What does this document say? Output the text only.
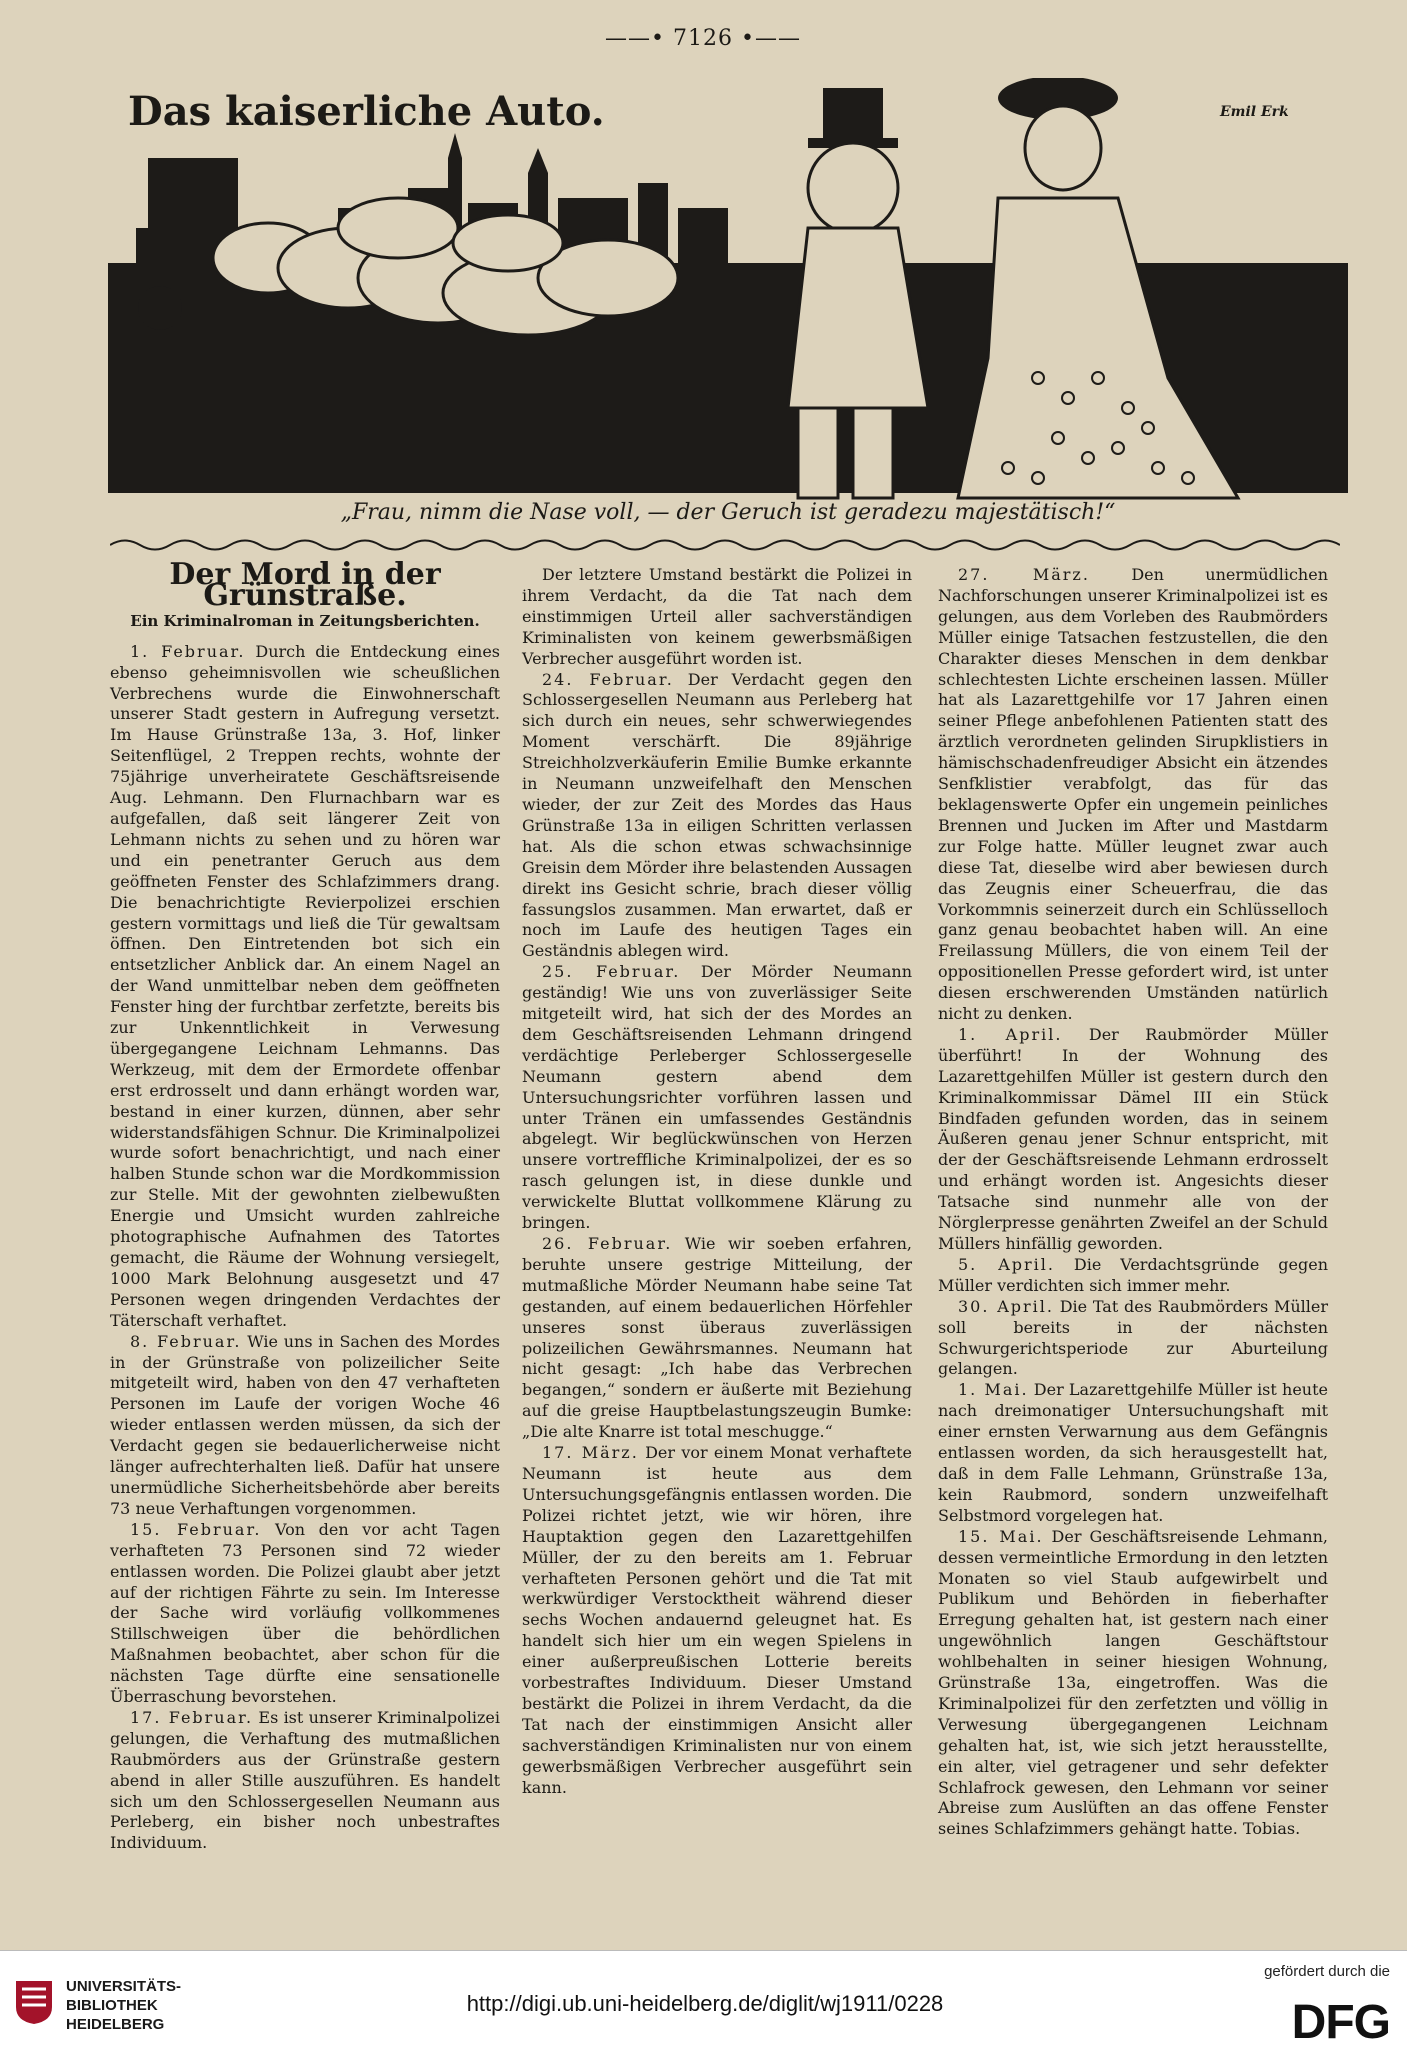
——• 7126 •——
Das kaiserliche Auto.	Emil Erk
„Frau, nimm die Nase voll, — der Geruch ist geradezu majestätisch!“
Der Mord in der Grünstraße.
Ein Kriminalroman in Zeitungsberichten.

1. Februar. Durch die Entdeckung eines ebenso geheimnisvollen wie scheußlichen Verbrechens wurde die Einwohnerschaft unserer Stadt gestern in Aufregung versetzt. Im Hause Grünstraße 13a, 3. Hof, linker Seitenflügel, 2 Treppen rechts, wohnte der 75jährige unverheiratete Geschäftsreisende Aug. Lehmann. Den Flurnachbarn war es aufgefallen, daß seit längerer Zeit von Lehmann nichts zu sehen und zu hören war und ein penetranter Geruch aus dem geöffneten Fenster des Schlafzimmers drang. Die benachrichtigte Revierpolizei erschien gestern vormittags und ließ die Tür gewaltsam öffnen. Den Eintretenden bot sich ein entsetzlicher Anblick dar. An einem Nagel an der Wand unmittelbar neben dem geöffneten Fenster hing der furchtbar zerfetzte, bereits bis zur Unkenntlichkeit in Verwesung übergegangene Leichnam Lehmanns. Das Werkzeug, mit dem der Ermordete offenbar erst erdrosselt und dann erhängt worden war, bestand in einer kurzen, dünnen, aber sehr widerstandsfähigen Schnur. Die Kriminalpolizei wurde sofort benachrichtigt, und nach einer halben Stunde schon war die Mordkommission zur Stelle. Mit der gewohnten zielbewußten Energie und Umsicht wurden zahlreiche photographische Aufnahmen des Tatortes gemacht, die Räume der Wohnung versiegelt, 1000 Mark Belohnung ausgesetzt und 47 Personen wegen dringenden Verdachtes der Täterschaft verhaftet.

8. Februar. Wie uns in Sachen des Mordes in der Grünstraße von polizeilicher Seite mitgeteilt wird, haben von den 47 verhafteten Personen im Laufe der vorigen Woche 46 wieder entlassen werden müssen, da sich der Verdacht gegen sie bedauerlicherweise nicht länger aufrechterhalten ließ. Dafür hat unsere unermüdliche Sicherheitsbehörde aber bereits 73 neue Verhaftungen vorgenommen.

15. Februar. Von den vor acht Tagen verhafteten 73 Personen sind 72 wieder entlassen worden. Die Polizei glaubt aber jetzt auf der richtigen Fährte zu sein. Im Interesse der Sache wird vorläufig vollkommenes Stillschweigen über die behördlichen Maßnahmen beobachtet, aber schon für die nächsten Tage dürfte eine sensationelle Überraschung bevorstehen.

17. Februar. Es ist unserer Kriminalpolizei gelungen, die Verhaftung des mutmaßlichen Raubmörders aus der Grünstraße gestern abend in aller Stille auszuführen. Es handelt sich um den Schlossergesellen Neumann aus Perleberg, ein bisher noch unbestraftes Individuum.

Der letztere Umstand bestärkt die Polizei in ihrem Verdacht, da die Tat nach dem einstimmigen Urteil aller sachverständigen Kriminalisten von keinem gewerbsmäßigen Verbrecher ausgeführt worden ist.

24. Februar. Der Verdacht gegen den Schlossergesellen Neumann aus Perleberg hat sich durch ein neues, sehr schwerwiegendes Moment verschärft. Die 89jährige Streichholzverkäuferin Emilie Bumke erkannte in Neumann unzweifelhaft den Menschen wieder, der zur Zeit des Mordes das Haus Grünstraße 13a in eiligen Schritten verlassen hat. Als die schon etwas schwachsinnige Greisin dem Mörder ihre belastenden Aussagen direkt ins Gesicht schrie, brach dieser völlig fassungslos zusammen. Man erwartet, daß er noch im Laufe des heutigen Tages ein Geständnis ablegen wird.

25. Februar. Der Mörder Neumann geständig! Wie uns von zuverlässiger Seite mitgeteilt wird, hat sich der des Mordes an dem Geschäftsreisenden Lehmann dringend verdächtige Perleberger Schlossergeselle Neumann gestern abend dem Untersuchungsrichter vorführen lassen und unter Tränen ein umfassendes Geständnis abgelegt. Wir beglückwünschen von Herzen unsere vortreffliche Kriminalpolizei, der es so rasch gelungen ist, in diese dunkle und verwickelte Bluttat vollkommene Klärung zu bringen.

26. Februar. Wie wir soeben erfahren, beruhte unsere gestrige Mitteilung, der mutmaßliche Mörder Neumann habe seine Tat gestanden, auf einem bedauerlichen Hörfehler unseres sonst überaus zuverlässigen polizeilichen Gewährsmannes. Neumann hat nicht gesagt: „Ich habe das Verbrechen begangen,“ sondern er äußerte mit Beziehung auf die greise Hauptbelastungszeugin Bumke: „Die alte Knarre ist total meschugge.“

17. März. Der vor einem Monat verhaftete Neumann ist heute aus dem Untersuchungsgefängnis entlassen worden. Die Polizei richtet jetzt, wie wir hören, ihre Hauptaktion gegen den Lazarettgehilfen Müller, der zu den bereits am 1. Februar verhafteten Personen gehört und die Tat mit werkwürdiger Verstocktheit während dieser sechs Wochen andauernd geleugnet hat. Es handelt sich hier um ein wegen Spielens in einer außerpreußischen Lotterie bereits vorbestraftes Individuum. Dieser Umstand bestärkt die Polizei in ihrem Verdacht, da die Tat nach der einstimmigen Ansicht aller sachverständigen Kriminalisten nur von einem gewerbsmäßigen Verbrecher ausgeführt sein kann.

27. März.	Den unermüdlichen Nachforschungen unserer Kriminalpolizei ist es gelungen, aus dem Vorleben des Raubmörders Müller einige Tatsachen festzustellen, die den Charakter dieses Menschen in dem denkbar schlechtesten Lichte erscheinen lassen. Müller hat als Lazarettgehilfe vor 17 Jahren einen seiner Pflege anbefohlenen Patienten statt des ärztlich verordneten gelinden Sirupklistiers in hämischschadenfreudiger Absicht ein ätzendes Senfklistier verabfolgt, das für das beklagenswerte Opfer ein ungemein peinliches Brennen und Jucken im After und Mastdarm zur Folge hatte. Müller leugnet zwar auch diese Tat, dieselbe wird aber bewiesen durch das Zeugnis einer Scheuerfrau, die das Vorkommnis seinerzeit durch ein Schlüsselloch ganz genau beobachtet haben will. An eine Freilassung Müllers, die von einem Teil der oppositionellen Presse gefordert wird, ist unter diesen erschwerenden Umständen natürlich nicht zu denken.

1. April. Der Raubmörder Müller überführt! In der Wohnung des Lazarettgehilfen Müller ist gestern durch den Kriminalkommissar Dämel III ein Stück Bindfaden gefunden worden, das in seinem Äußeren genau jener Schnur entspricht, mit der der Geschäftsreisende Lehmann erdrosselt und erhängt worden ist. Angesichts dieser Tatsache sind nunmehr alle von der Nörglerpresse genährten Zweifel an der Schuld Müllers hinfällig geworden.

5. April. Die Verdachtsgründe gegen Müller verdichten sich immer mehr.

30. April. Die Tat des Raubmörders Müller soll bereits in der nächsten Schwurgerichtsperiode zur Aburteilung gelangen.

1. Mai. Der Lazarettgehilfe Müller ist heute nach dreimonatiger Untersuchungshaft mit einer ernsten Verwarnung aus dem Gefängnis entlassen worden, da sich herausgestellt hat, daß in dem Falle Lehmann, Grünstraße 13a, kein Raubmord, sondern unzweifelhaft Selbstmord vorgelegen hat.

15. Mai. Der Geschäftsreisende Lehmann, dessen vermeintliche Ermordung in den letzten Monaten so viel Staub aufgewirbelt und Publikum und Behörden in fieberhafter Erregung gehalten hat, ist gestern nach einer ungewöhnlich langen Geschäftstour wohlbehalten in seiner hiesigen Wohnung, Grünstraße 13a, eingetroffen. Was die Kriminalpolizei für den zerfetzten und völlig in Verwesung übergegangenen Leichnam gehalten hat, ist, wie sich jetzt herausstellte, ein alter, viel getragener und sehr defekter Schlafrock gewesen, den Lehmann vor seiner Abreise zum Auslüften an das offene Fenster seines Schlafzimmers gehängt hatte. Tobias.

UNIVERSITÄTS-
BIBLIOTHEK
HEIDELBERG
http://digi.ub.uni-heidelberg.de/diglit/wj1911/0228
gefördert durch die
DFG
